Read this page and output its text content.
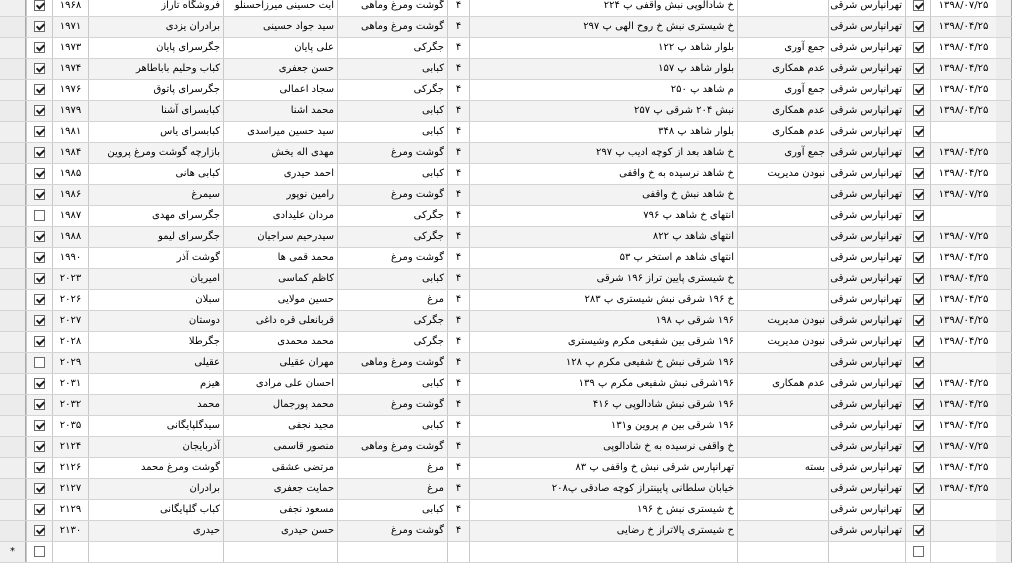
۱۳۹۸/۰۷/۲۵
تهرانپارس شرقی
خ شادالوپی نبش واقفی پ ۲۲۴
۴
گوشت ومرغ وماهی
آیت حسینی میرزاحسنلو
فروشگاه تاراز
۱۹۶۸
۱۳۹۸/۰۴/۲۵
تهرانپارس شرقی
خ شیستری نبش خ روح الهی پ ۲۹۷
۴
گوشت ومرغ وماهی
سید جواد حسینی
برادران یزدی
۱۹۷۱
۱۳۹۸/۰۴/۲۵
تهرانپارس شرقی
جمع آوری
بلوار شاهد پ ۱۲۲
۴
جگرکی
علی پایان
جگرسرای پایان
۱۹۷۳
۱۳۹۸/۰۴/۲۵
تهرانپارس شرقی
عدم همکاری
بلوار شاهد پ ۱۵۷
۴
کبابی
حسن جعفری
کباب وحلیم باباطاهر
۱۹۷۴
۱۳۹۸/۰۴/۲۵
تهرانپارس شرقی
جمع آوری
م شاهد پ ۲۵۰
۴
جگرکی
سجاد اعمالی
جگرسرای پاتوق
۱۹۷۶
۱۳۹۸/۰۴/۲۵
تهرانپارس شرقی
عدم همکاری
نبش ۲۰۴ شرقی پ ۲۵۷
۴
کبابی
محمد اشنا
کبابسرای آشنا
۱۹۷۹
تهرانپارس شرقی
عدم همکاری
بلوار شاهد پ ۳۴۸
۴
کبابی
سید حسین میراسدی
کبابسرای یاس
۱۹۸۱
۱۳۹۸/۰۴/۲۵
تهرانپارس شرقی
جمع آوری
خ شاهد بعد از کوچه ادیب پ ۲۹۷
۴
گوشت ومرغ
مهدی اله یخش
بازارچه گوشت ومرغ پروین
۱۹۸۴
۱۳۹۸/۰۴/۲۵
تهرانپارس شرقی
نبودن مدیریت
خ شاهد نرسیده به خ واقفی
۴
کبابی
احمد حیدری
کبابی هانی
۱۹۸۵
۱۳۹۸/۰۷/۲۵
تهرانپارس شرقی
خ شاهد نبش خ واقفی
۴
گوشت ومرغ
رامین نوپور
سیمرغ
۱۹۸۶
تهرانپارس شرقی
انتهای خ شاهد پ ۷۹۶
۴
جگرکی
مردان علیدادی
جگرسرای مهدی
۱۹۸۷
۱۳۹۸/۰۷/۲۵
تهرانپارس شرقی
انتهای شاهد پ ۸۲۲
۴
جگرکی
سیدرحیم سراجیان
جگرسرای لیمو
۱۹۸۸
۱۳۹۸/۰۴/۲۵
تهرانپارس شرقی
انتهای شاهد م استخر پ ۵۳
۴
گوشت ومرغ
محمد قمی ها
گوشت آذر
۱۹۹۰
۱۳۹۸/۰۴/۲۵
تهرانپارس شرقی
خ شیستری پایین تراز ۱۹۶ شرقی
۴
کبابی
کاظم کماسی
امیریان
۲۰۲۳
۱۳۹۸/۰۴/۲۵
تهرانپارس شرقی
خ ۱۹۶ شرقی نبش شیستری پ ۲۸۳
۴
مرغ
حسین مولایی
سبلان
۲۰۲۶
۱۳۹۸/۰۴/۲۵
تهرانپارس شرقی
نبودن مدیریت
۱۹۶ شرقی پ ۱۹۸
۴
جگرکی
قربانعلی قره داغی
دوستان
۲۰۲۷
۱۳۹۸/۰۴/۲۵
تهرانپارس شرقی
نبودن مدیریت
۱۹۶ شرقی بین شفیعی مکرم وشیستری
۴
جگرکی
محمد محمدی
جگرطلا
۲۰۲۸
تهرانپارس شرقی
۱۹۶ شرقی نبش خ شفیعی مکرم پ ۱۲۸
۴
گوشت ومرغ وماهی
مهران عقیلی
عقیلی
۲۰۲۹
۱۳۹۸/۰۴/۲۵
تهرانپارس شرقی
عدم همکاری
۱۹۶شرقی نبش شفیعی مکرم پ ۱۳۹
۴
کبابی
احسان علی مرادی
هیزم
۲۰۳۱
۱۳۹۸/۰۴/۲۵
تهرانپارس شرقی
۱۹۶ شرقی نبش شادالوپی پ ۴۱۶
۴
گوشت ومرغ
محمد پورجمال
محمد
۲۰۳۲
۱۳۹۸/۰۴/۲۵
تهرانپارس شرقی
۱۹۶ شرقی بین م پروین و۱۳۱
۴
کبابی
مجید نجفی
سیدگلپایگانی
۲۰۳۵
۱۳۹۸/۰۷/۲۵
تهرانپارس شرقی
خ واقفی نرسیده به خ شادالوپی
۴
گوشت ومرغ وماهی
منصور قاسمی
آذربایجان
۲۱۲۴
۱۳۹۸/۰۴/۲۵
تهرانپارس شرقی
بسته
تهرانپارس شرقی نبش خ واقفی پ ۸۳
۴
مرغ
مرتضی عشقی
گوشت ومرغ محمد
۲۱۲۶
۱۳۹۸/۰۴/۲۵
تهرانپارس شرقی
خیابان سلطانی پایینتراز کوچه صادقی پ۲۰۸
۴
مرغ
حمایت جعفری
برادران
۲۱۲۷
تهرانپارس شرقی
خ شیستری نبش خ ۱۹۶
۴
کبابی
مسعود نجفی
کباب گلپایگانی
۲۱۲۹
تهرانپارس شرقی
ح شیستری پالاتراز خ رضایی
۴
گوشت ومرغ
حسن حیدری
حیدری
۲۱۳۰
*
